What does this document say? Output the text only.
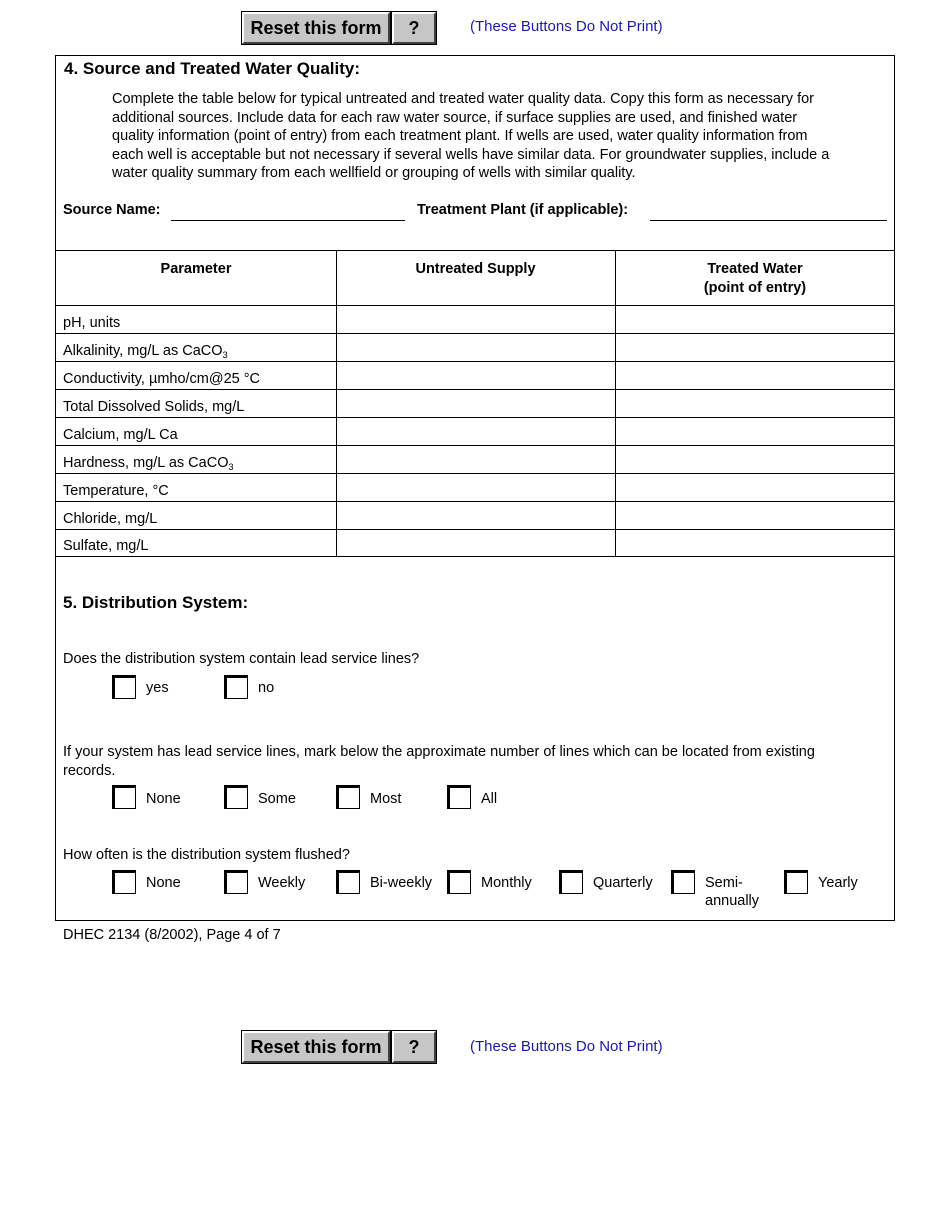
Reset this form	?	(These Buttons Do Not Print)
4. Source and Treated Water Quality:
Complete the table below for typical untreated and treated water quality data. Copy this form as necessary for additional sources. Include data for each raw water source, if surface supplies are used, and finished water quality information (point of entry) from each treatment plant. If wells are used, water quality information from each well is acceptable but not necessary if several wells have similar data. For groundwater supplies, include a water quality summary from each wellfield or grouping of wells with similar quality.
Source Name:	Treatment Plant (if applicable):
Parameter	Untreated Supply	Treated Water
(point of entry)
pH, units
Alkalinity, mg/L as CaCO$_3$
Conductivity, µmho/cm@25 °C
Total Dissolved Solids, mg/L
Calcium, mg/L Ca
Hardness, mg/L as CaCO$_3$
Temperature, °C
Chloride, mg/L
Sulfate, mg/L
5. Distribution System:
Does the distribution system contain lead service lines?
yes	no
If your system has lead service lines, mark below the approximate number of lines which can be located from existing records.
None	Some	Most	All
How often is the distribution system flushed?
None	Weekly	Bi-weekly	Monthly	Quarterly	Semi-annually
Yearly
DHEC 2134 (8/2002), Page 4 of 7
Reset this form	?	(These Buttons Do Not Print)
